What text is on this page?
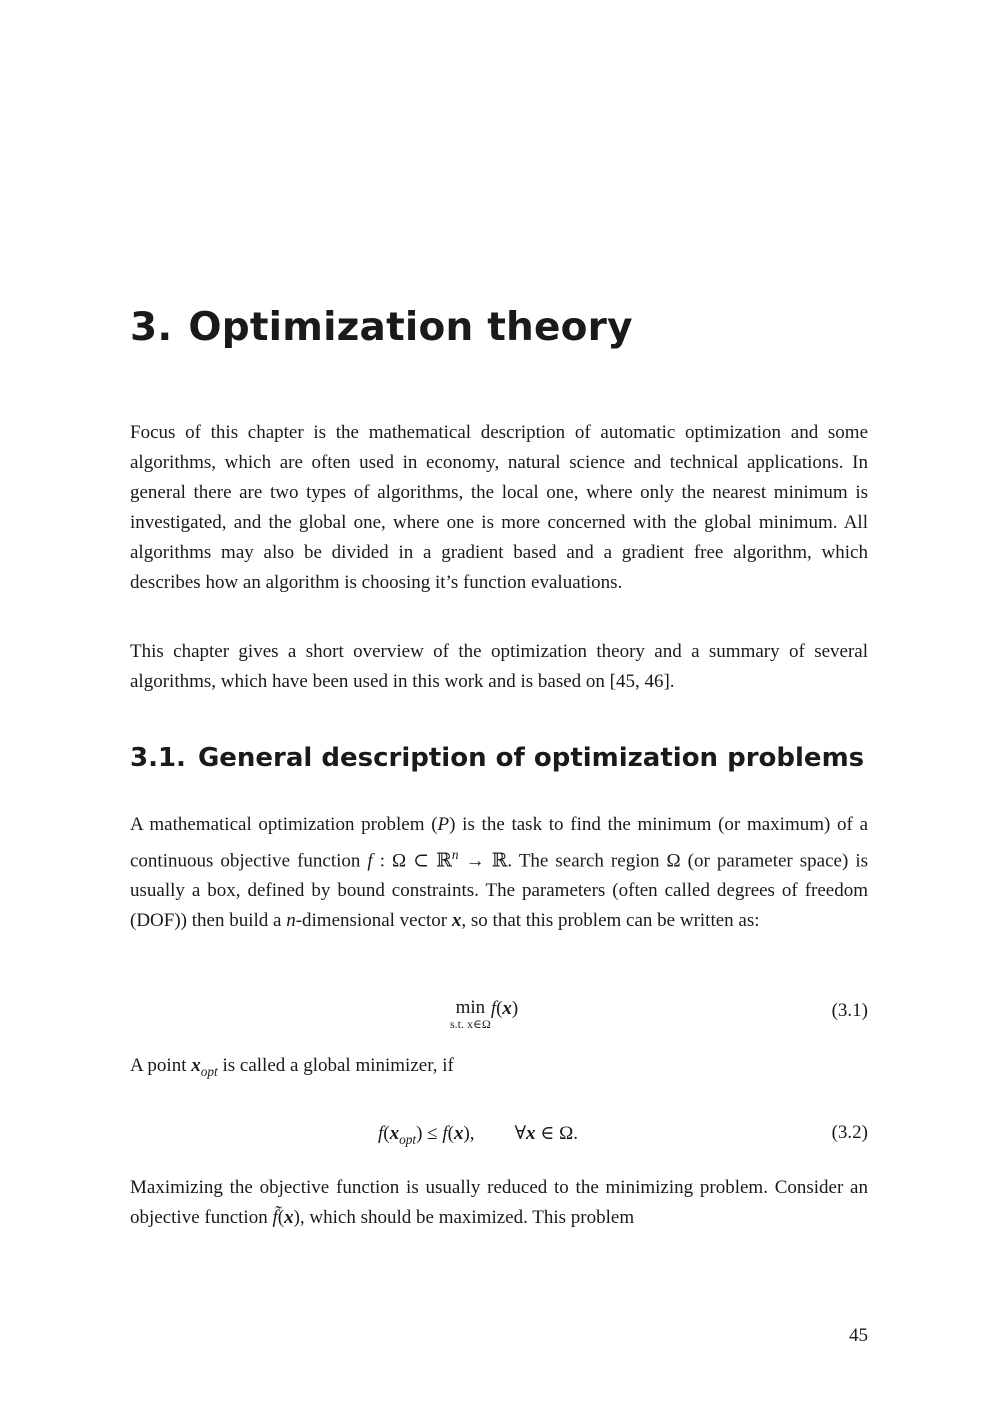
3. Optimization theory

Focus of this chapter is the mathematical description of automatic optimization and some algorithms, which are often used in economy, natural science and technical applications. In general there are two types of algorithms, the local one, where only the nearest minimum is investigated, and the global one, where one is more concerned with the global minimum. All algorithms may also be divided in a gradient based and a gradient free algorithm, which describes how an algorithm is choosing it’s function evaluations.

This chapter gives a short overview of the optimization theory and a summary of several algorithms, which have been used in this work and is based on [45, 46].

3.1. General description of optimization problems

A mathematical optimization problem (P) is the task to find the minimum (or maximum) of a continuous objective function f : Ω ⊂ ℝ$^n$ → ℝ. The search region Ω (or parameter space) is usually a box, defined by bound constraints. The parameters (often called degrees of freedom (DOF)) then build a n-dimensional vector x, so that this problem can be written as:

min
s.t. x∈Ω
f(x)	(3.1)

A point $x_{opt}$ is called a global minimizer, if

$f(x_{opt}) \le f(x)$, ∀x ∈ Ω.	(3.2)

Maximizing the objective function is usually reduced to the minimizing problem. Consider an objective function f̃(x), which should be maximized. This problem

45
